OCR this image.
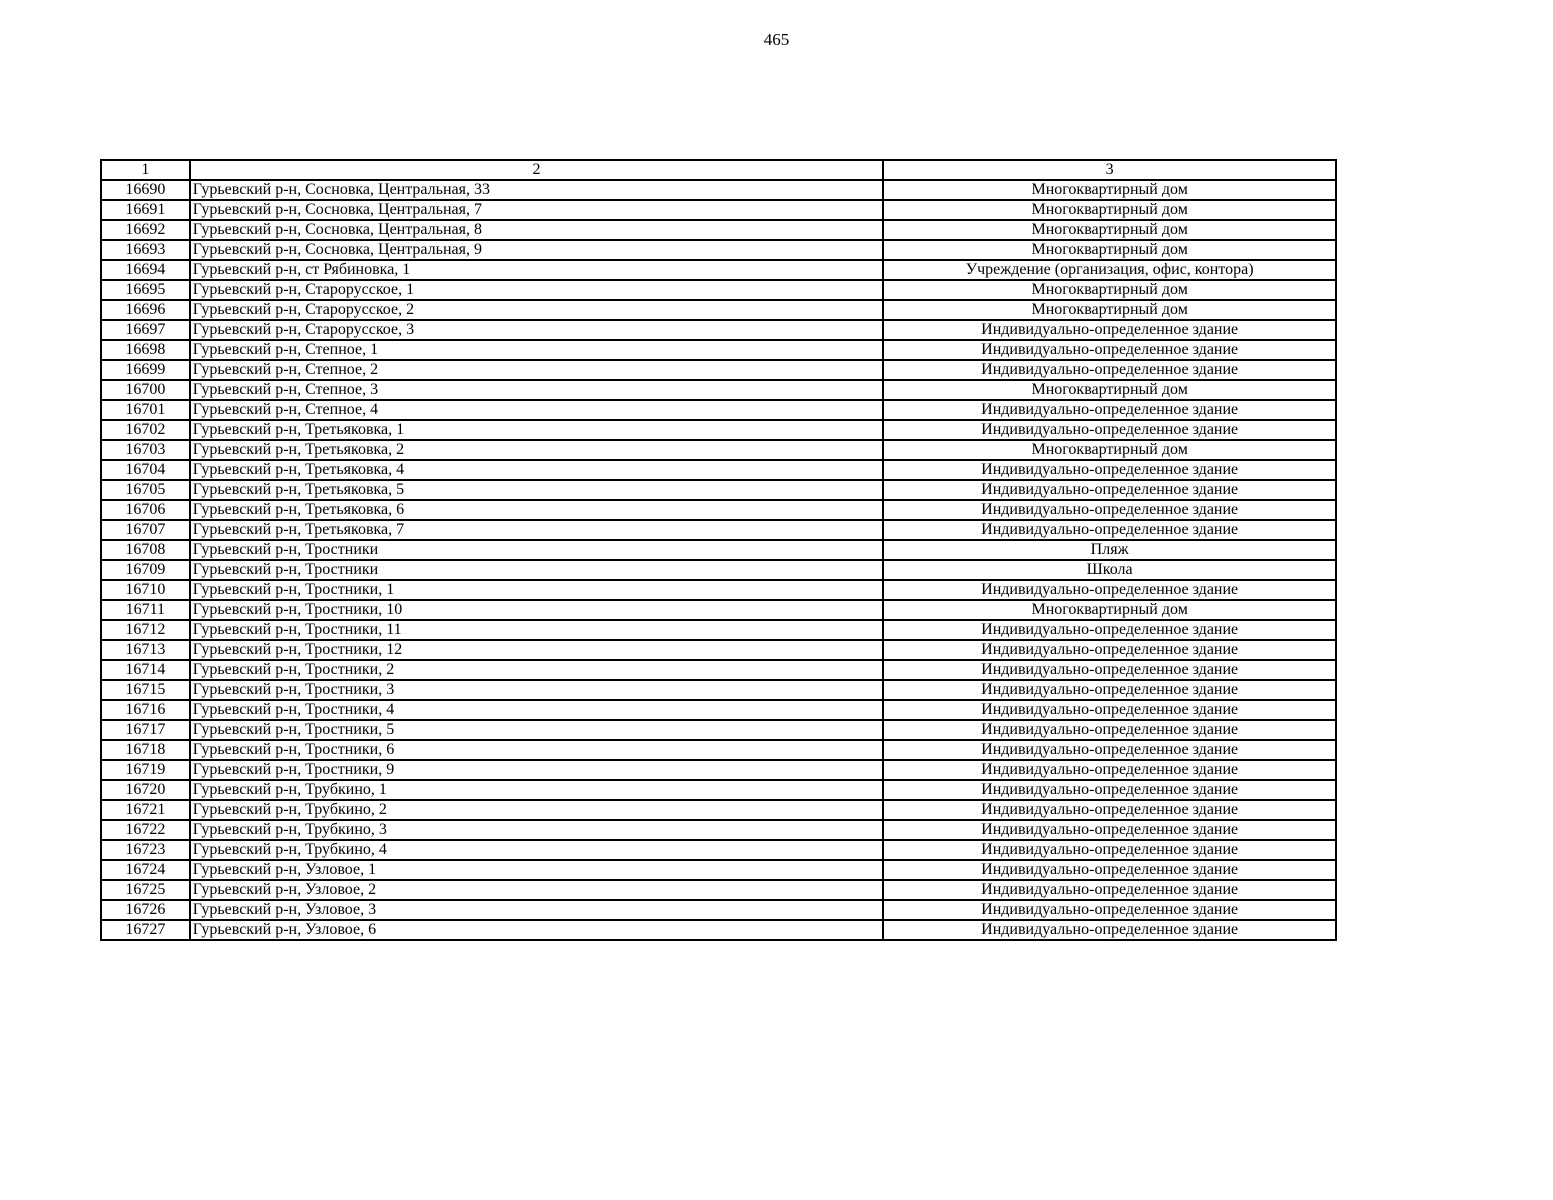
465
1	2	3
16690	Гурьевский р-н, Сосновка, Центральная, 33	Многоквартирный дом
16691	Гурьевский р-н, Сосновка, Центральная, 7	Многоквартирный дом
16692	Гурьевский р-н, Сосновка, Центральная, 8	Многоквартирный дом
16693	Гурьевский р-н, Сосновка, Центральная, 9	Многоквартирный дом
16694	Гурьевский р-н, ст Рябиновка, 1	Учреждение (организация, офис, контора)
16695	Гурьевский р-н, Старорусское, 1	Многоквартирный дом
16696	Гурьевский р-н, Старорусское, 2	Многоквартирный дом
16697	Гурьевский р-н, Старорусское, 3	Индивидуально-определенное здание
16698	Гурьевский р-н, Степное, 1	Индивидуально-определенное здание
16699	Гурьевский р-н, Степное, 2	Индивидуально-определенное здание
16700	Гурьевский р-н, Степное, 3	Многоквартирный дом
16701	Гурьевский р-н, Степное, 4	Индивидуально-определенное здание
16702	Гурьевский р-н, Третьяковка, 1	Индивидуально-определенное здание
16703	Гурьевский р-н, Третьяковка, 2	Многоквартирный дом
16704	Гурьевский р-н, Третьяковка, 4	Индивидуально-определенное здание
16705	Гурьевский р-н, Третьяковка, 5	Индивидуально-определенное здание
16706	Гурьевский р-н, Третьяковка, 6	Индивидуально-определенное здание
16707	Гурьевский р-н, Третьяковка, 7	Индивидуально-определенное здание
16708	Гурьевский р-н, Тростники	Пляж
16709	Гурьевский р-н, Тростники	Школа
16710	Гурьевский р-н, Тростники, 1	Индивидуально-определенное здание
16711	Гурьевский р-н, Тростники, 10	Многоквартирный дом
16712	Гурьевский р-н, Тростники, 11	Индивидуально-определенное здание
16713	Гурьевский р-н, Тростники, 12	Индивидуально-определенное здание
16714	Гурьевский р-н, Тростники, 2	Индивидуально-определенное здание
16715	Гурьевский р-н, Тростники, 3	Индивидуально-определенное здание
16716	Гурьевский р-н, Тростники, 4	Индивидуально-определенное здание
16717	Гурьевский р-н, Тростники, 5	Индивидуально-определенное здание
16718	Гурьевский р-н, Тростники, 6	Индивидуально-определенное здание
16719	Гурьевский р-н, Тростники, 9	Индивидуально-определенное здание
16720	Гурьевский р-н, Трубкино, 1	Индивидуально-определенное здание
16721	Гурьевский р-н, Трубкино, 2	Индивидуально-определенное здание
16722	Гурьевский р-н, Трубкино, 3	Индивидуально-определенное здание
16723	Гурьевский р-н, Трубкино, 4	Индивидуально-определенное здание
16724	Гурьевский р-н, Узловое, 1	Индивидуально-определенное здание
16725	Гурьевский р-н, Узловое, 2	Индивидуально-определенное здание
16726	Гурьевский р-н, Узловое, 3	Индивидуально-определенное здание
16727	Гурьевский р-н, Узловое, 6	Индивидуально-определенное здание
